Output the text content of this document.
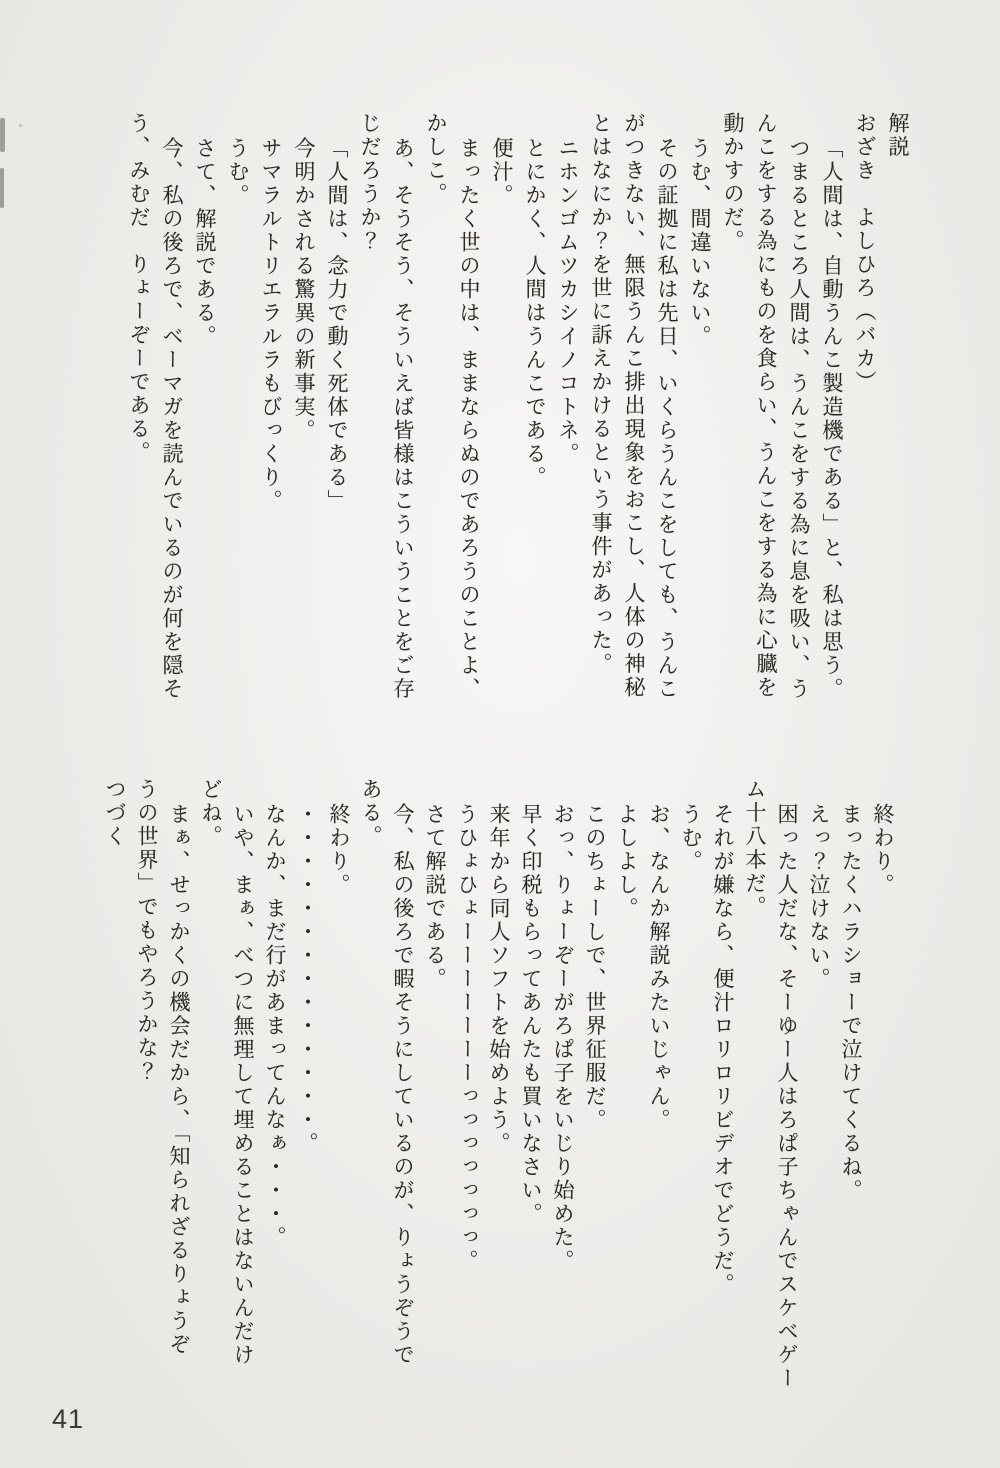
解説

おざき　よしひろ（バカ）

「人間は、自動うんこ製造機である」と、私は思う。

つまるところ人間は、うんこをする為に息を吸い、う

んこをする為にものを食らい、うんこをする為に心臓を

動かすのだ。

うむ、間違いない。

その証拠に私は先日、いくらうんこをしても、うんこ

がつきない、無限うんこ排出現象をおこし、人体の神秘

とはなにか？を世に訴えかけるという事件があった。

ニホンゴムツカシイノコトネ。

とにかく、人間はうんこである。

便汁。

まったく世の中は、ままならぬのであろうのことよ、

かしこ。

あ、そうそう、そういえば皆様はこういうことをご存

じだろうか？

「人間は、念力で動く死体である」

今明かされる驚異の新事実。

サマラルトリエラルラもびっくり。

うむ。

さて、解説である。

今、私の後ろで、ベーマガを読んでいるのが何を隠そ

う、みむだ　りょーぞーである。

終わり。

まったくハラショーで泣けてくるね。

えっ？泣けない。

困った人だな、そーゆー人はろぱ子ちゃんでスケベゲー

ム十八本だ。

それが嫌なら、便汁ロリロリビデオでどうだ。

うむ。

お、なんか解説みたいじゃん。

よしよし。

このちょーしで、世界征服だ。

おっ、りょーぞーがろぱ子をいじり始めた。

早く印税もらってあんたも買いなさい。

来年から同人ソフトを始めよう。

うひょひょーーーーーーーっっっっっっっ。

さて解説である。

今、私の後ろで暇そうにしているのが、りょうぞうで

ある。

終わり。

・・・・・・・・・・・・・・。

なんか、まだ行があまってんなぁ・・・。

いや、まぁ、べつに無理して埋めることはないんだけ

どね。

まぁ、せっかくの機会だから、「知られざるりょうぞ

うの世界」でもやろうかな？

つづく

41
